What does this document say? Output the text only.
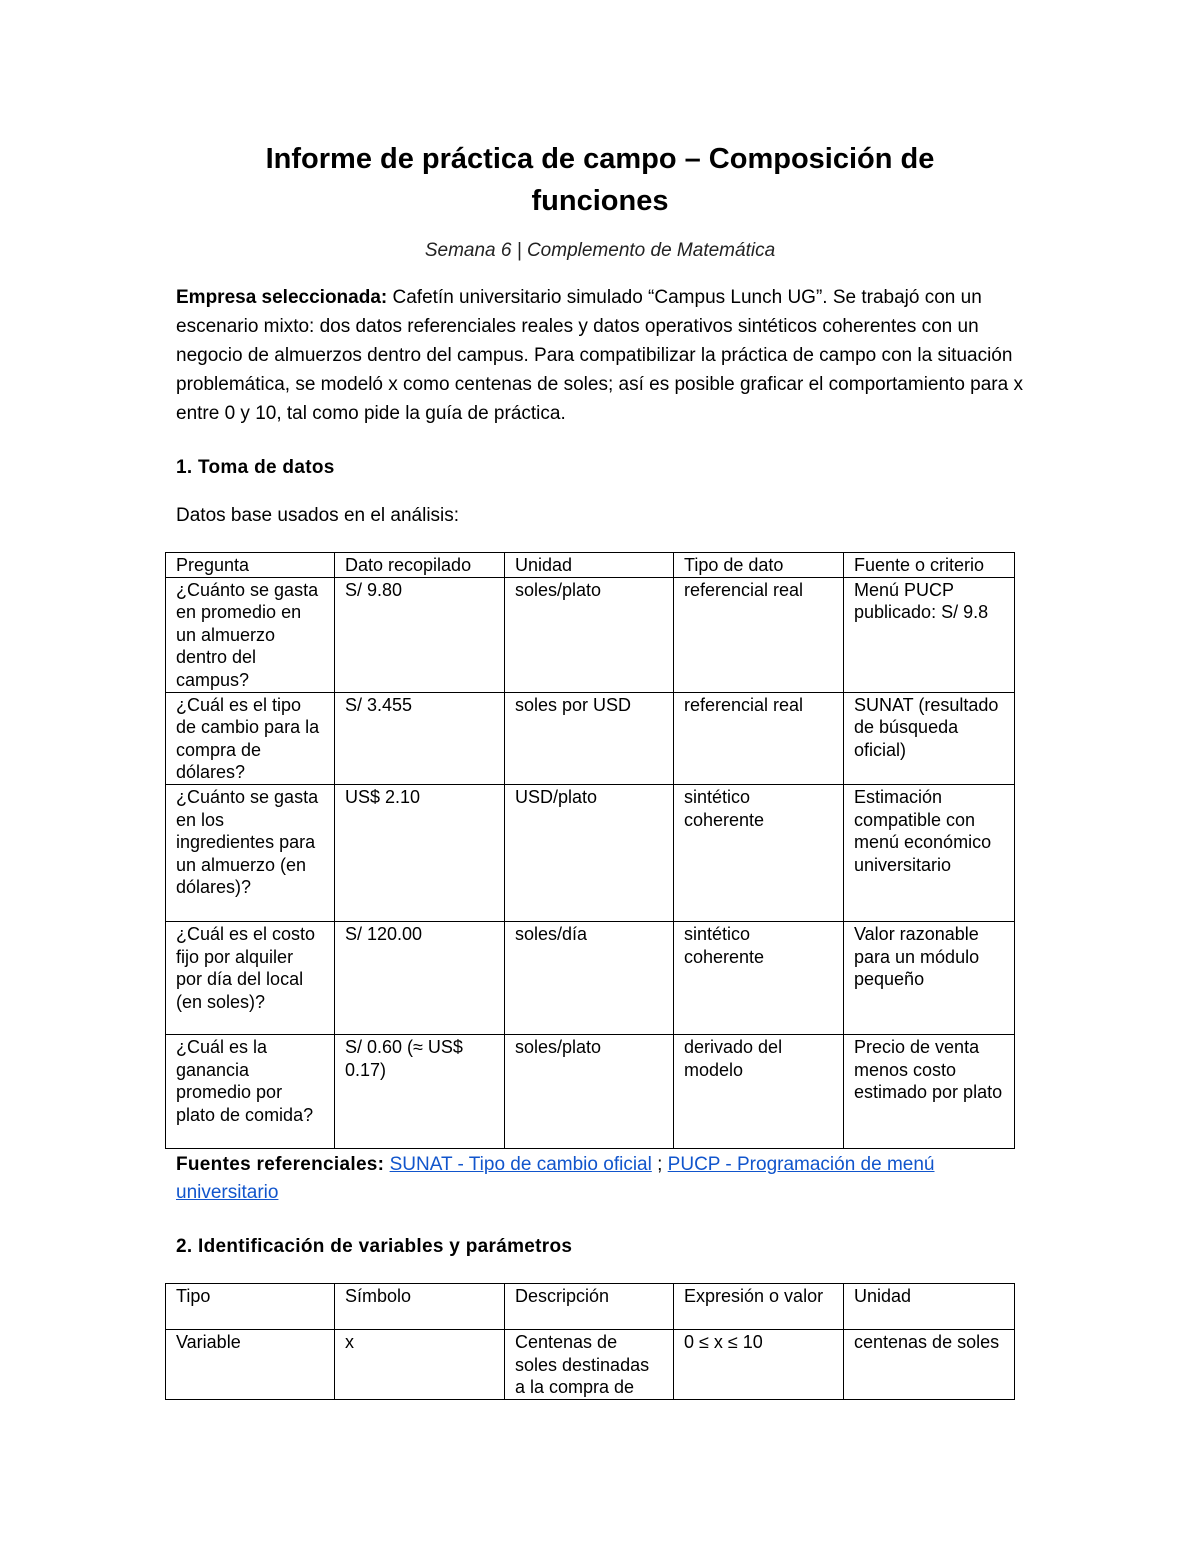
Informe de práctica de campo – Composición de funciones

Semana 6 | Complemento de Matemática

Empresa seleccionada: Cafetín universitario simulado “Campus Lunch UG”. Se trabajó con un escenario mixto: dos datos referenciales reales y datos operativos sintéticos coherentes con un negocio de almuerzos dentro del campus. Para compatibilizar la práctica de campo con la situación problemática, se modeló x como centenas de soles; así es posible graficar el comportamiento para x entre 0 y 10, tal como pide la guía de práctica.

1. Toma de datos

Datos base usados en el análisis:

Pregunta	Dato recopilado	Unidad	Tipo de dato	Fuente o criterio
¿Cuánto se gasta en promedio en un almuerzo dentro del campus?	S/ 9.80	soles/plato	referencial real	Menú PUCP publicado: S/ 9.8
¿Cuál es el tipo de cambio para la compra de dólares?	S/ 3.455	soles por USD	referencial real	SUNAT (resultado de búsqueda oficial)
¿Cuánto se gasta en los ingredientes para un almuerzo (en dólares)?	US$ 2.10	USD/plato	sintético coherente	Estimación compatible con menú económico universitario
¿Cuál es el costo fijo por alquiler por día del local (en soles)?	S/ 120.00	soles/día	sintético coherente	Valor razonable para un módulo pequeño
¿Cuál es la ganancia promedio por plato de comida?	S/ 0.60 (≈ US$ 0.17)	soles/plato	derivado del modelo	Precio de venta menos costo estimado por plato

Fuentes referenciales: SUNAT - Tipo de cambio oficial ; PUCP - Programación de menú universitario

2. Identificación de variables y parámetros
Tipo	Símbolo	Descripción	Expresión o valor	Unidad
Variable	x	Centenas de soles destinadas a la compra de	0 ≤ x ≤ 10	centenas de soles
